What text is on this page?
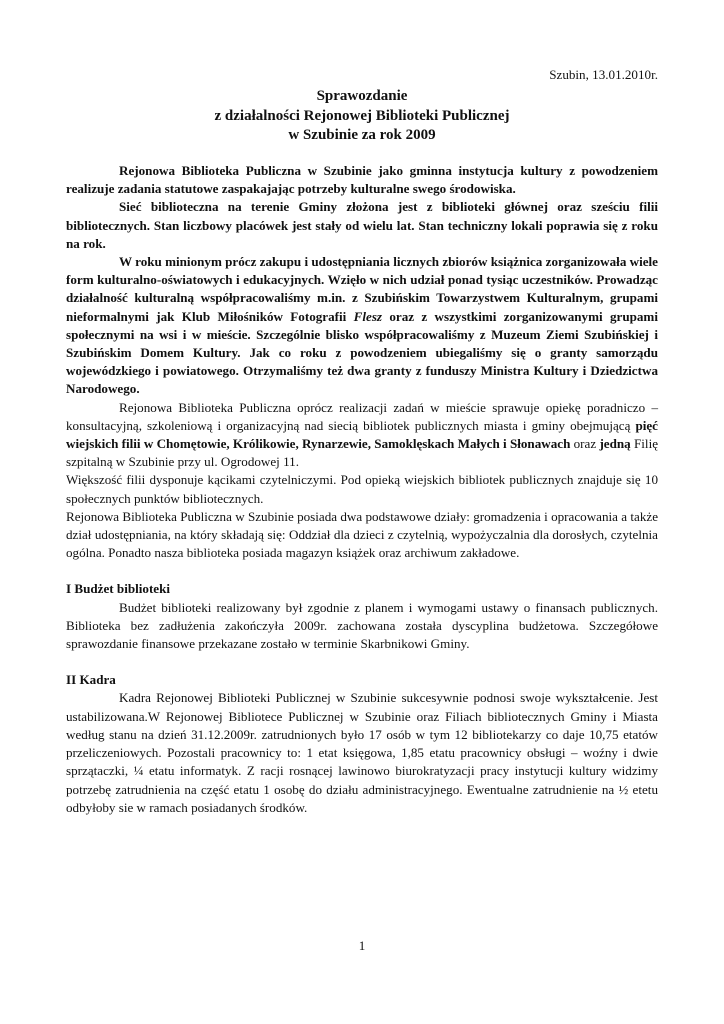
Szubin, 13.01.2010r.
Sprawozdanie
z działalności Rejonowej Biblioteki Publicznej
w Szubinie za rok 2009

Rejonowa Biblioteka Publiczna w Szubinie jako gminna instytucja kultury z powodzeniem realizuje zadania statutowe zaspakajając potrzeby kulturalne swego środowiska.

Sieć biblioteczna na terenie Gminy złożona jest z biblioteki głównej oraz sześciu filii bibliotecznych. Stan liczbowy placówek jest stały od wielu lat. Stan techniczny lokali poprawia się z roku na rok.

W roku minionym prócz zakupu i udostępniania licznych zbiorów książnica zorganizowała wiele form kulturalno-oświatowych i edukacyjnych. Wzięło w nich udział ponad tysiąc uczestników. Prowadząc działalność kulturalną współpracowaliśmy m.in. z Szubińskim Towarzystwem Kulturalnym, grupami nieformalnymi jak Klub Miłośników Fotografii Flesz oraz z wszystkimi zorganizowanymi grupami społecznymi na wsi i w mieście. Szczególnie blisko współpracowaliśmy z Muzeum Ziemi Szubińskiej i Szubińskim Domem Kultury. Jak co roku z powodzeniem ubiegaliśmy się o granty samorządu wojewódzkiego i powiatowego. Otrzymaliśmy też dwa granty z funduszy Ministra Kultury i Dziedzictwa Narodowego.

Rejonowa Biblioteka Publiczna oprócz realizacji zadań w mieście sprawuje opiekę poradniczo – konsultacyjną, szkoleniową i organizacyjną nad siecią bibliotek publicznych miasta i gminy obejmującą pięć wiejskich filii w Chomętowie, Królikowie, Rynarzewie, Samoklęskach Małych i Słonawach oraz jedną Filię szpitalną w Szubinie przy ul. Ogrodowej 11.

Większość filii dysponuje kącikami czytelniczymi. Pod opieką wiejskich bibliotek publicznych znajduje się 10 społecznych punktów bibliotecznych.

Rejonowa Biblioteka Publiczna w Szubinie posiada dwa podstawowe działy: gromadzenia i opracowania a także dział udostępniania, na który składają się: Oddział dla dzieci z czytelnią, wypożyczalnia dla dorosłych, czytelnia ogólna. Ponadto nasza biblioteka posiada magazyn książek oraz archiwum zakładowe.

I Budżet biblioteki

Budżet biblioteki realizowany był zgodnie z planem i wymogami ustawy o finansach publicznych. Biblioteka bez zadłużenia zakończyła 2009r. zachowana została dyscyplina budżetowa. Szczegółowe sprawozdanie finansowe przekazane zostało w terminie Skarbnikowi Gminy.

II Kadra

Kadra Rejonowej Biblioteki Publicznej w Szubinie sukcesywnie podnosi swoje wykształcenie. Jest ustabilizowana.W Rejonowej Bibliotece Publicznej w Szubinie oraz Filiach bibliotecznych Gminy i Miasta według stanu na dzień 31.12.2009r. zatrudnionych było 17 osób w tym 12 bibliotekarzy co daje 10,75 etatów przeliczeniowych. Pozostali pracownicy to: 1 etat księgowa, 1,85 etatu pracownicy obsługi – woźny i dwie sprzątaczki, ¼ etatu informatyk. Z racji rosnącej lawinowo biurokratyzacji pracy instytucji kultury widzimy potrzebę zatrudnienia na część etatu 1 osobę do działu administracyjnego. Ewentualne zatrudnienie na ½ etetu odbyłoby sie w ramach posiadanych środków.

1
